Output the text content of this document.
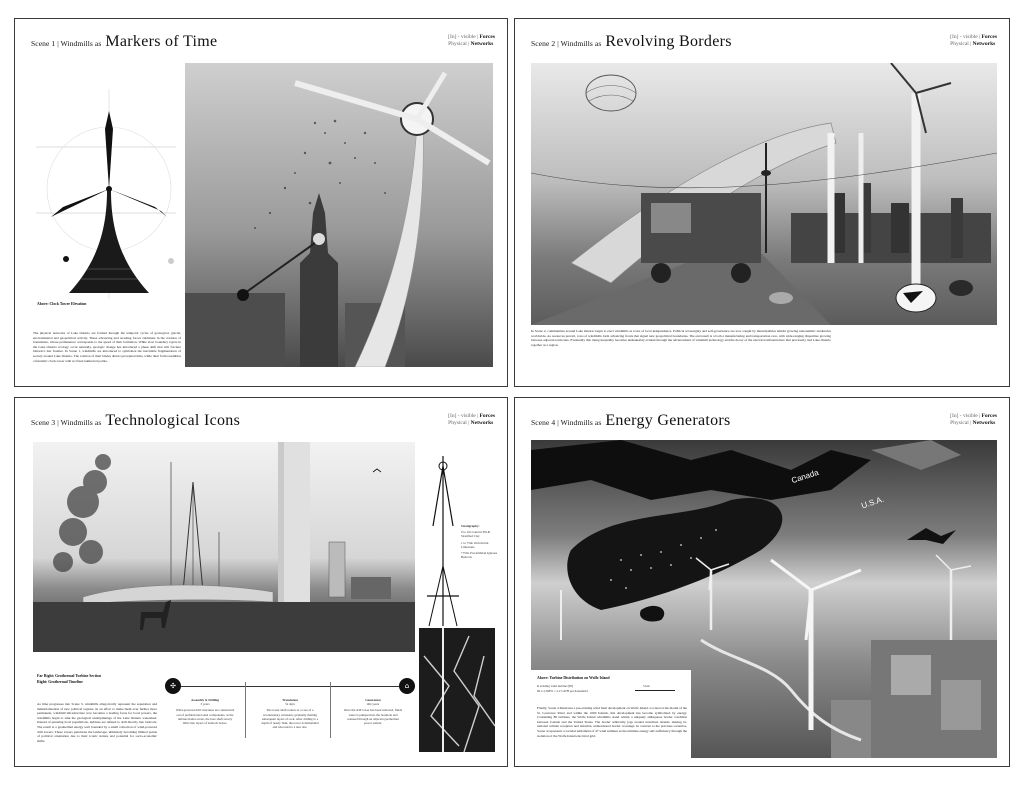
Scene 1 | Windmills as Markers of Time	[In] - visible | Forces
Physical | Networks
Above: Clock Tower Elevation
The physical networks of Lake Ontario are formed through the temporal cycles of geological, glacial, environmental and geopolitical activity. These advancing and receding forces culminate in the creation of boundaries, whose permanence corresponds to the speed of their formation. While slow boundary layers in the Lake Ontario ecology occur naturally, geologic change has introduced a phase shift that will fracture Ontario's last frontier. In Scene 1, windmills are introduced to symbolize the inevitable fragmentation of society around Lake Ontario. The rotation of their blades distort perceptual time, while their form resembles a futuristic clock tower with no fixed numerical points.
Scene 2 | Windmills as Revolving Borders	[In] - visible | Forces
Physical | Networks
In Scene 2, communities around Lake Ontario begin to erect windmills as icons of local independence. Political sovereignty and self-governance are now sought by municipalities amidst growing nationalistic tendencies worldwide. As resources prevail, rows of windmills form advancing fronts that signal new geopolitical boundaries. The end result is a both a manufacturing and transportation race, with wide-ranging disparities growing between adjacent territories. Eventually this rising inequality becomes unshakeably evident through the advancement of windmill technology and the decay of the electrical infrastructure that previously tied Lake Ontario together as a region.
Scene 3 | Windmills as Technological Icons	[In] - visible | Forces
Physical | Networks
Stratigraphy:
0 to 1m: Glacial Till & Stratified Clay
1 to 75m: Ordovician Limestone
+75m: Precambrian Igneous Bedrock
Far Right: Geothermal Turbine Section
Right: Geothermal Timeline	✣	⌂
Assembly & Drilling
3 years
Wind-powered drill structures are constructed out of prefabricated steel components, as the turbine blades rotate, the bore shaft slowly drills into layers of bedrock below.
Translation
5x days
The tower shaft rotates as a core of a revolutionary extrusion, gradually melting subsequent layers of rock. After drilling to a depth of nearly 3km, the tower is dismantled and relocated to a new site.
Generation
40x years
Once the drill tower has been removed, fluids water is pumped into the borehole and released through an adjacent geothermal power station.
As time progresses into Scene 3, windmills allegorically represent the separation and industrialization of new political regions. In an effort to make them ever further more permanent, windmill infrastructure now becomes a leading focus for local powers, the windmills begin to sink the geological underpinnings of the Lake Ontario watershed. Instead of pursuing local populations, turbines are refined to drill directly into bedrock. The result is a geothermal energy well bounded by a small collection of wind-powered drill towers. These towers punctuate the landscape, ultimately becoming limited points of political orientation due to their iconic stature and potential for socio-economic shifts.
Scene 4 | Windmills as Energy Generators	[In] - visible | Forces
Physical | Networks
Canada
U.S.A.
Above: Turbine Distribution on Wolfe Island
● existing wind turbine (98)
96 x 2.3MW = 2.2 GWH per household
5 km
Finally, Scene 4 illustrates a pre-existing wind farm development on Wolfe Island. Located at the mouth of the St. Lawrence River and within the 1000 Islands, this development has become symbolized by energy. Containing 86 turbines, the Wolfe Island windmills stand within a uniquely ambiguous border condition between Canada and the United States. The border arbitrarily jogs around unwritten islands, sharing bi-national cellular reception and informal, unmonitored border crossings. In contrast to the previous scenarios, Scene 4 represents a societal settlement of 47 wind turbines as the ultimate energy self-sufficiency through the isolation of the Wolfe Island electrical grid.
